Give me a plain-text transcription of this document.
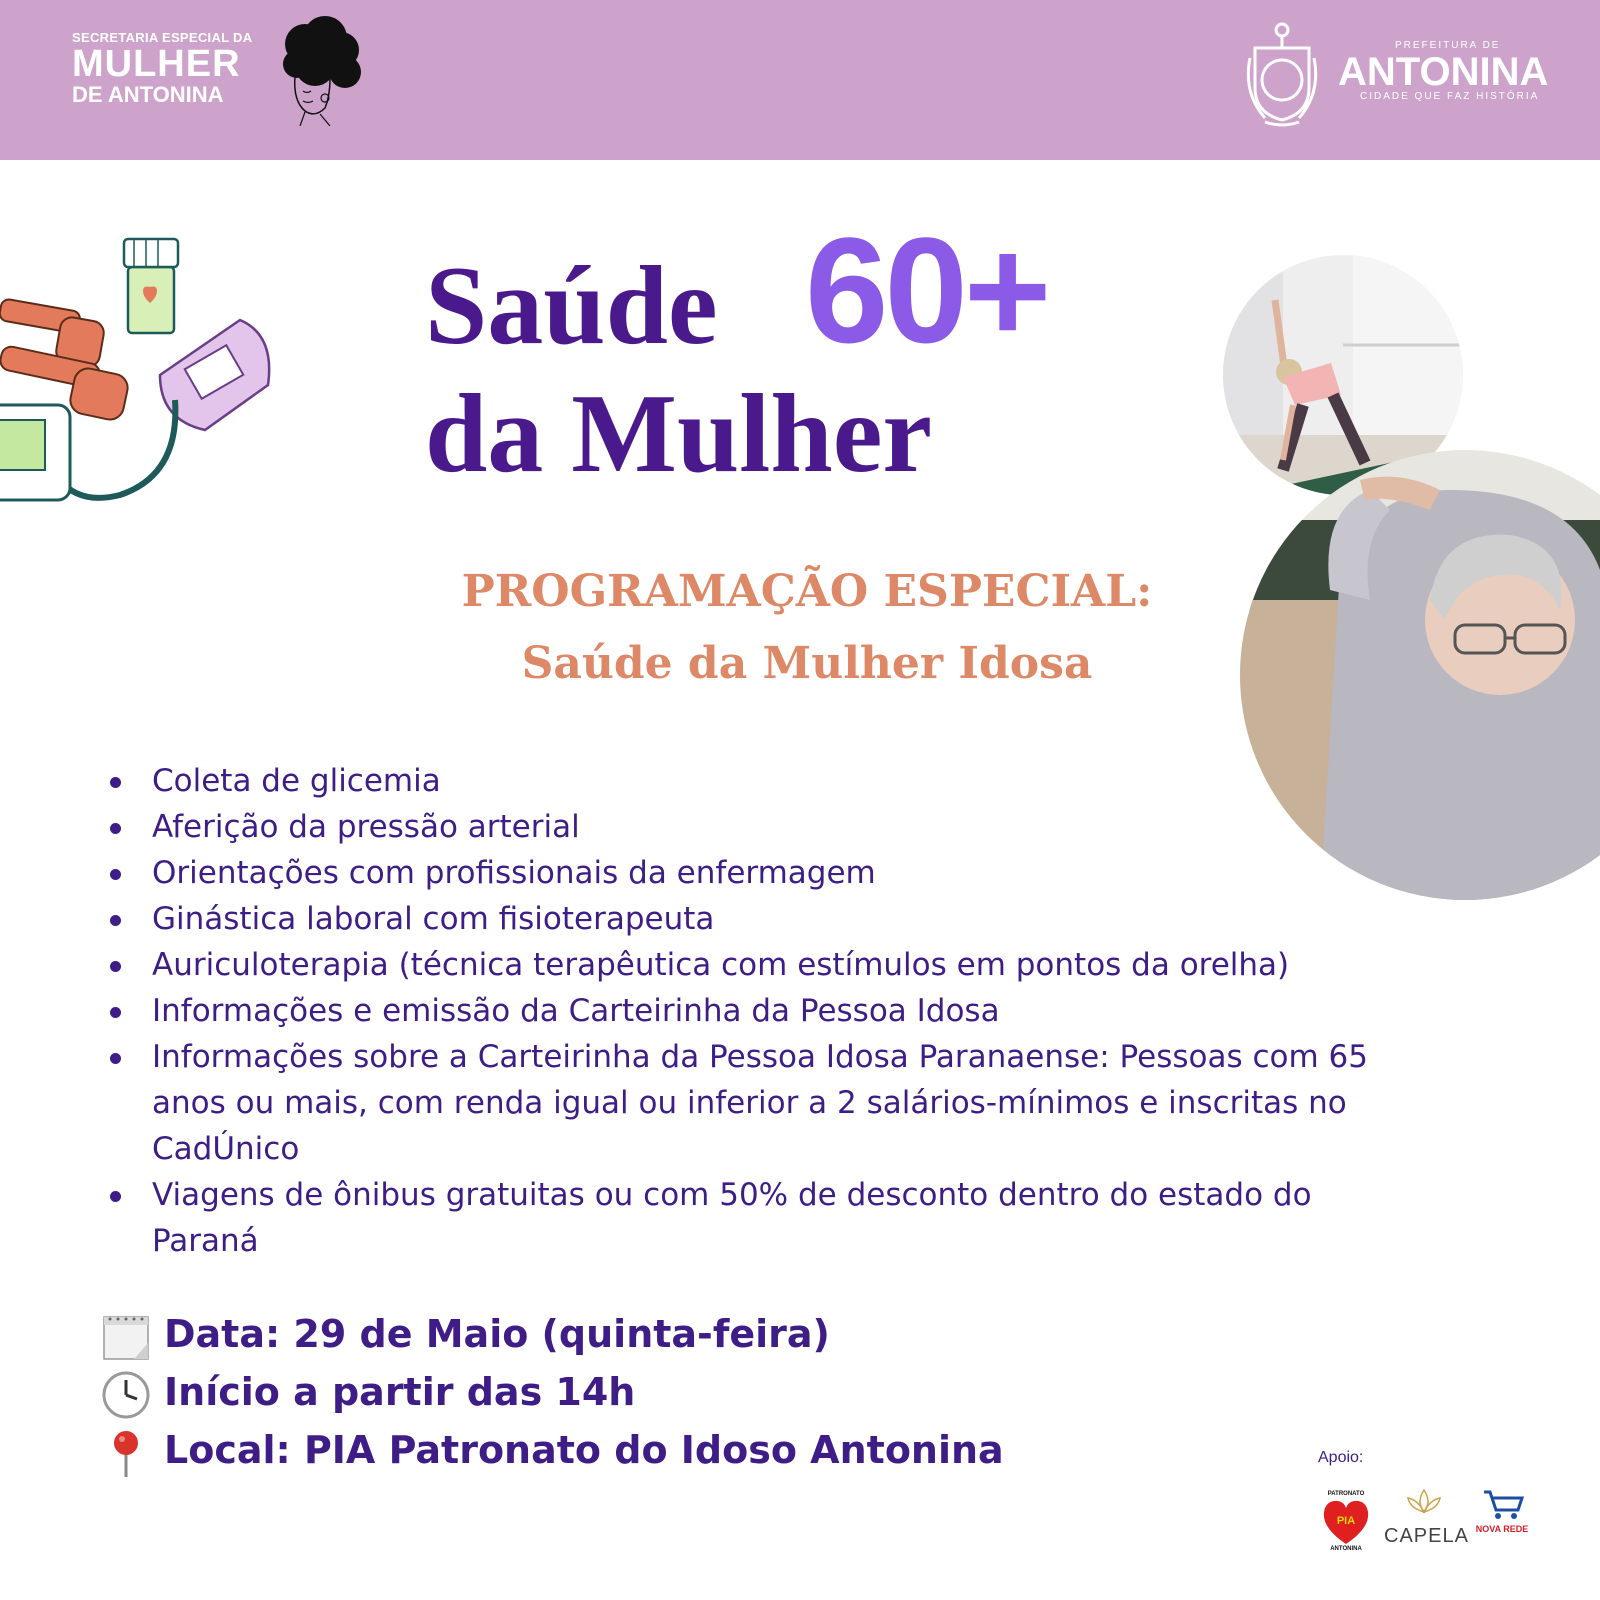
SECRETARIA ESPECIAL DA
MULHER
DE ANTONINA
PREFEITURA DE
ANTONINA
CIDADE QUE FAZ HISTÓRIA
Saúde 60+
da Mulher
PROGRAMAÇÃO ESPECIAL:
Saúde da Mulher Idosa
Coleta de glicemia
Aferição da pressão arterial
Orientações com profissionais da enfermagem
Ginástica laboral com fisioterapeuta
Auriculoterapia (técnica terapêutica com estímulos em pontos da orelha)
Informações e emissão da Carteirinha da Pessoa Idosa
Informações sobre a Carteirinha da Pessoa Idosa Paranaense: Pessoas com 65 anos ou mais, com renda igual ou inferior a 2 salários-mínimos e inscritas no CadÚnico
Viagens de ônibus gratuitas ou com 50% de desconto dentro do estado do Paraná
Data: 29 de Maio (quinta-feira)
Início a partir das 14h
Local: PIA Patronato do Idoso Antonina	Apoio:
PATRONATO
PIA
ANTONINA
CAPELA NOVA REDE
